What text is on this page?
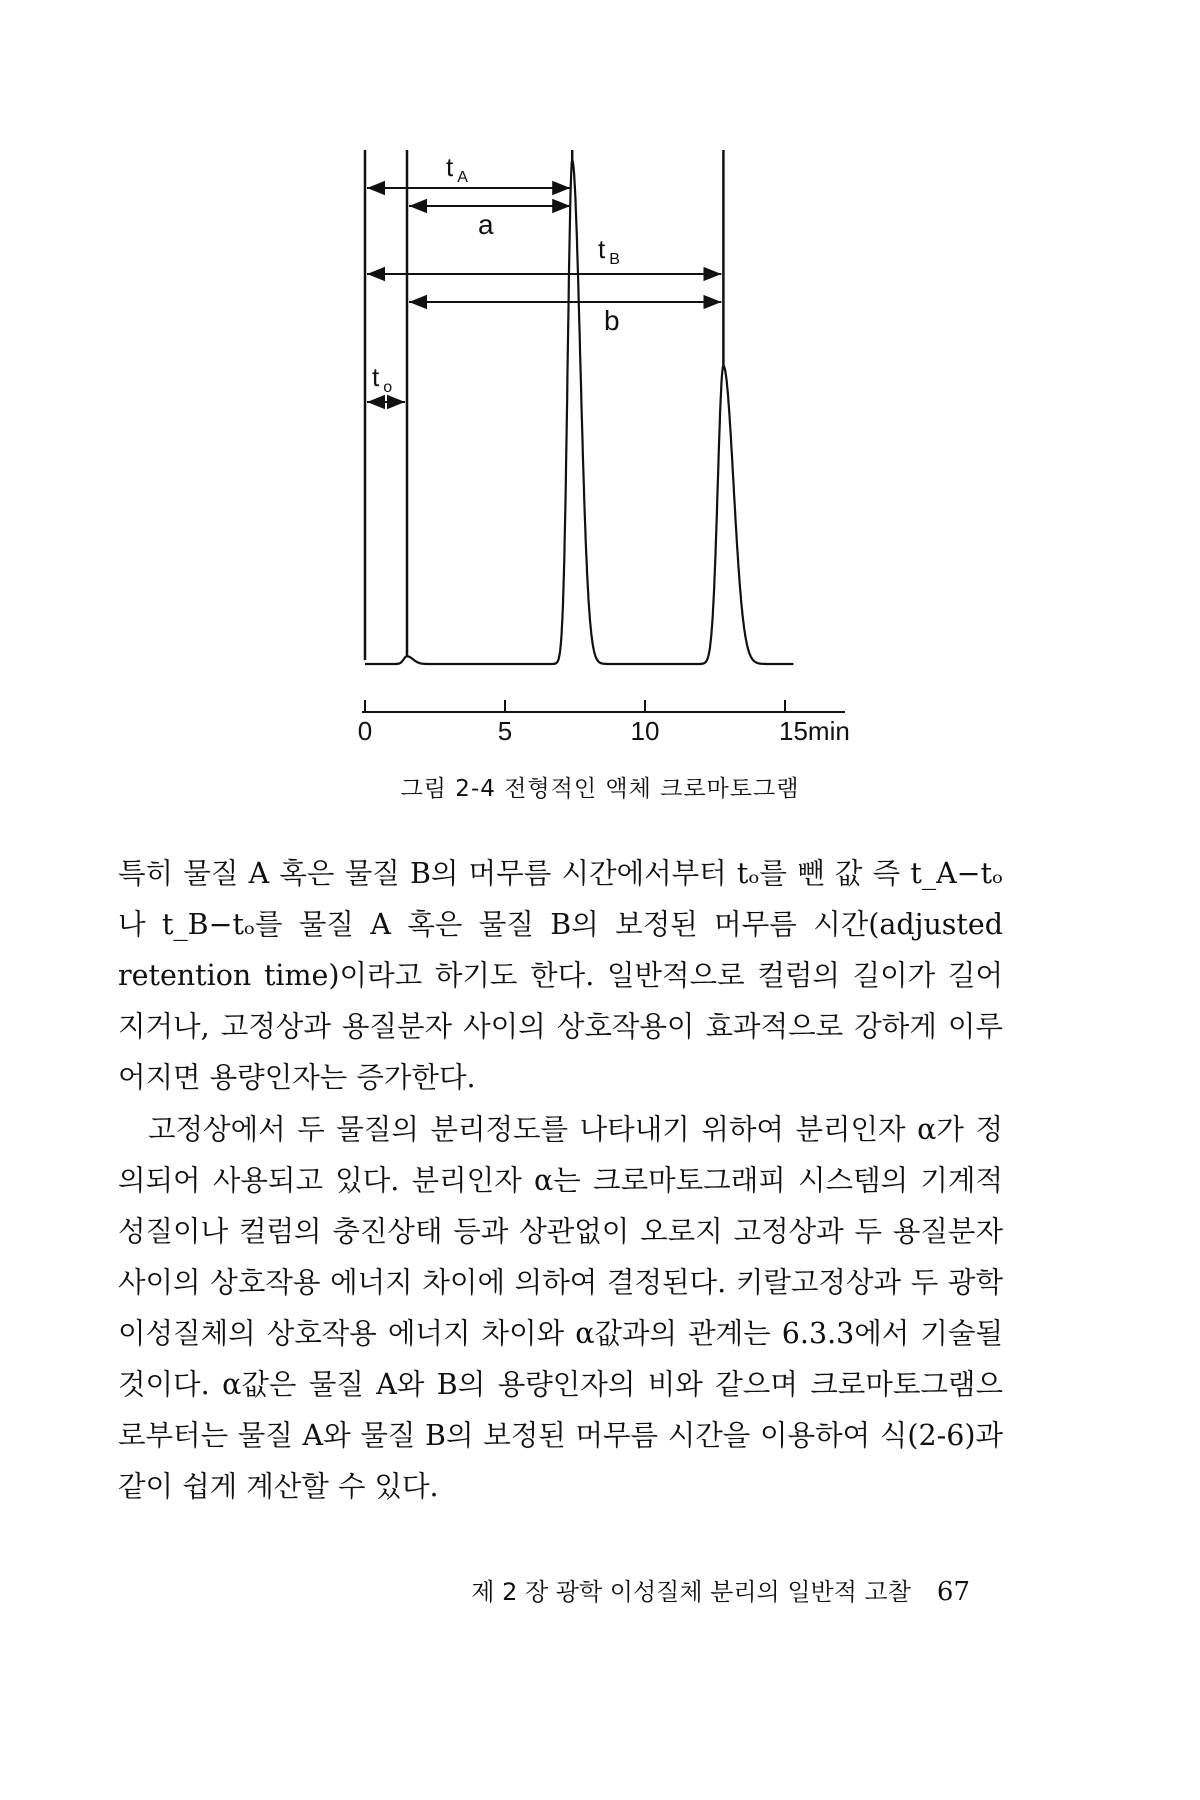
t $_A$
a
t $_B$
b
t $_o$
0	5	10	15min
그림 2-4 전형적인 액체 크로마토그램

특히 물질 A 혹은 물질 B의 머무름 시간에서부터 tₒ를 뺀 값 즉 t_A−tₒ나 t_B−tₒ를 물질 A 혹은 물질 B의 보정된 머무름 시간(adjusted retention time)이라고 하기도 한다. 일반적으로 컬럼의 길이가 길어지거나, 고정상과 용질분자 사이의 상호작용이 효과적으로 강하게 이루어지면 용량인자는 증가한다.

고정상에서 두 물질의 분리정도를 나타내기 위하여 분리인자 α가 정의되어 사용되고 있다. 분리인자 α는 크로마토그래피 시스템의 기계적 성질이나 컬럼의 충진상태 등과 상관없이 오로지 고정상과 두 용질분자 사이의 상호작용 에너지 차이에 의하여 결정된다. 키랄고정상과 두 광학 이성질체의 상호작용 에너지 차이와 α값과의 관계는 6.3.3에서 기술될 것이다. α값은 물질 A와 B의 용량인자의 비와 같으며 크로마토그램으로부터는 물질 A와 물질 B의 보정된 머무름 시간을 이용하여 식(2-6)과 같이 쉽게 계산할 수 있다.

제 2 장 광학 이성질체 분리의 일반적 고찰 67
